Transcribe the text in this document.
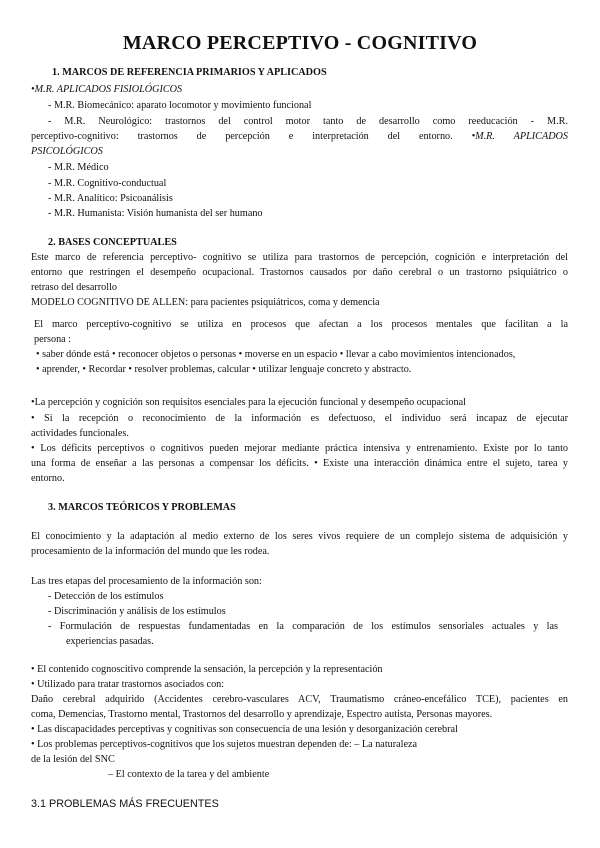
MARCO PERCEPTIVO - COGNITIVO
1. MARCOS DE REFERENCIA PRIMARIOS Y APLICADOS
•M.R. APLICADOS FISIOLÓGICOS
- M.R. Biomecánico: aparato locomotor y movimiento funcional
- M.R. Neurológico: trastornos del control motor tanto de desarrollo como reeducación - M.R.
perceptivo-cognitivo: trastornos de percepción e interpretación del entorno. •M.R. APLICADOS
PSICOLÓGICOS
- M.R. Médico
- M.R. Cognitivo-conductual
- M.R. Analítico: Psicoanálisis
- M.R. Humanista: Visión humanista del ser humano
2. BASES CONCEPTUALES
Este marco de referencia perceptivo- cognitivo se utiliza para trastornos de percepción, cognición e interpretación del
entorno que restringen el desempeño ocupacional. Trastornos causados por daño cerebral o un trastorno psiquiátrico o
retraso del desarrollo
MODELO COGNITIVO DE ALLEN: para pacientes psiquiátricos, coma y demencia
El marco perceptivo-cognitivo se utiliza en procesos que afectan a los procesos mentales que facilitan a la
persona :
• saber dónde está • reconocer objetos o personas • moverse en un espacio • llevar a cabo movimientos intencionados,
• aprender, • Recordar • resolver problemas, calcular • utilizar lenguaje concreto y abstracto.
•La percepción y cognición son requisitos esenciales para la ejecución funcional y desempeño ocupacional
• Si la recepción o reconocimiento de la información es defectuoso, el individuo será incapaz de ejecutar
actividades funcionales.
• Los déficits perceptivos o cognitivos pueden mejorar mediante práctica intensiva y entrenamiento. Existe por lo tanto
una forma de enseñar a las personas a compensar los déficits. • Existe una interacción dinámica entre el sujeto, tarea y
entorno.
3. MARCOS TEÓRICOS Y PROBLEMAS
El conocimiento y la adaptación al medio externo de los seres vivos requiere de un complejo sistema de adquisición y
procesamiento de la información del mundo que les rodea.
Las tres etapas del procesamiento de la información son:
- Detección de los estímulos
- Discriminación y análisis de los estímulos
- Formulación de respuestas fundamentadas en la comparación de los estímulos sensoriales actuales y las
experiencias pasadas.
• El contenido cognoscitivo comprende la sensación, la percepción y la representación
• Utilizado para tratar trastornos asociados con:
Daño cerebral adquirido (Accidentes cerebro-vasculares ACV, Traumatismo cráneo-encefálico TCE), pacientes en
coma, Demencias, Trastorno mental, Trastornos del desarrollo y aprendizaje, Espectro autista, Personas mayores.
• Las discapacidades perceptivas y cognitivas son consecuencia de una lesión y desorganización cerebral
• Los problemas perceptivos-cognitivos que los sujetos muestran dependen de: – La naturaleza
de la lesión del SNC
– El contexto de la tarea y del ambiente
3.1 PROBLEMAS MÁS FRECUENTES
